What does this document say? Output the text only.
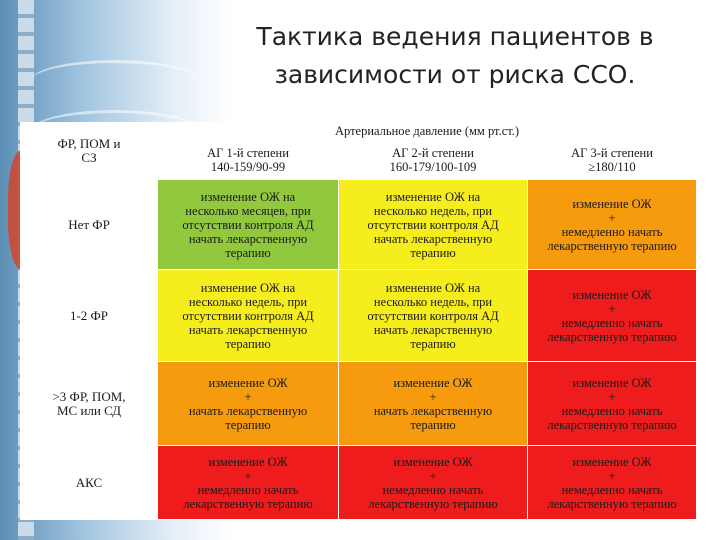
Тактика ведения пациентов в
зависимости от риска ССО.
ФР, ПОМ и
СЗ	Артериальное давление (мм рт.ст.)		

	АГ 1-й степени
140-159/90-99	АГ 2-й степени
160-179/100-109	АГ 3-й степени
≥180/110

Нет ФР	изменение ОЖ на
несколько месяцев, при
отсутствии контроля АД
начать лекарственную
терапию	изменение ОЖ на
несколько недель, при
отсутствии контроля АД
начать лекарственную
терапию	изменение ОЖ
+
немедленно начать
лекарственную терапию

1-2 ФР	изменение ОЖ на
несколько недель, при
отсутствии контроля АД
начать лекарственную
терапию	изменение ОЖ на
несколько недель, при
отсутствии контроля АД
начать лекарственную
терапию	изменение ОЖ
+
немедленно начать
лекарственную терапию

>3 ФР, ПОМ,
МС или СД	изменение ОЖ
+
начать лекарственную
терапию	изменение ОЖ
+
начать лекарственную
терапию	изменение ОЖ
+
немедленно начать
лекарственную терапию

АКС	изменение ОЖ
+
немедленно начать
лекарственную терапию	изменение ОЖ
+
немедленно начать
лекарственную терапию	изменение ОЖ
+
немедленно начать
лекарственную терапию
